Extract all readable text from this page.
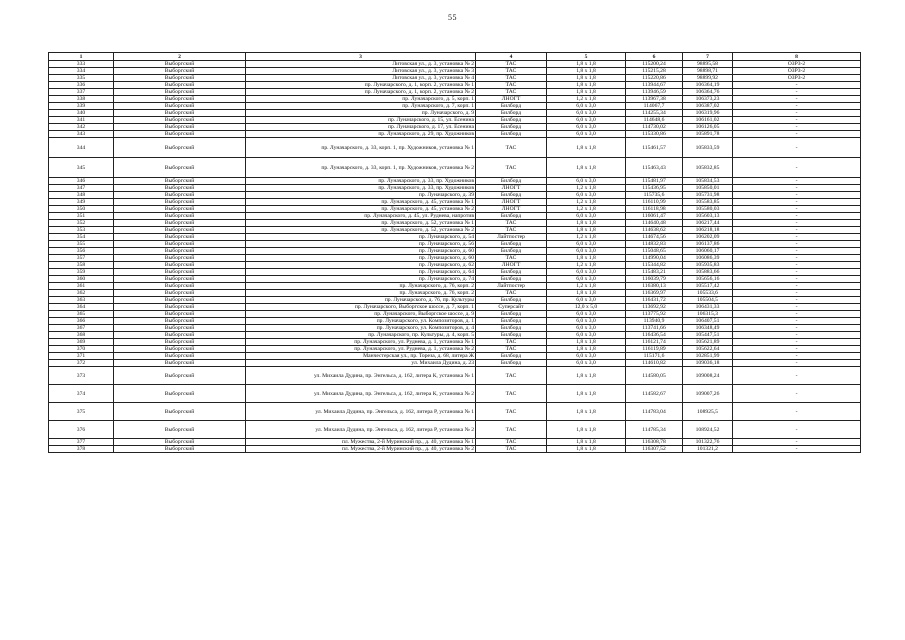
55
1	2	3	4	5	6	7	8
333	Выборгский	Литовская ул., д. 3, установка № 2	ТАС	1,8 x 1,8	115200,24	98895,58	ОЗРЗ-2
334	Выборгский	Литовская ул., д. 3, установка № 3	ТАС	1,8 x 1,8	115215,28	98898,71	ОЗРЗ-2
335	Выборгский	Литовская ул., д. 3, установка № 4	ТАС	1,8 x 1,8	115220,86	98899,92	ОЗРЗ-2
336	Выборгский	пр. Луначарского, д. 1, корп. 2, установка № 1	ТАС	1,8 x 1,8	113944,67	106364,19	-
337	Выборгский	пр. Луначарского, д. 1, корп. 2, установка № 2	ТАС	1,8 x 1,8	113946,59	106364,76	-
338	Выборгский	пр. Луначарского, д. 5, корп. 1	ЛНОГТ	1,2 x 1,8	113967,38	106373,23	-
339	Выборгский	пр. Луначарского, д. 7, корп. 1	Билборд	6,0 x 3,0	114067,7	106387,02	-
340	Выборгский	пр. Луначарского, д. 9	Билборд	6,0 x 3,0	114255,34	106319,96	-
341	Выборгский	пр. Луначарского, д. 15, ул. Есенина	Билборд	6,0 x 3,0	114648,6	106161,02	-
342	Выборгский	пр. Луначарского, д. 17, ул. Есенина	Билборд	6,0 x 3,0	114730,02	106126,05	-
343	Выборгский	пр. Луначарского, д. 29, пр. Художников	Билборд	6,0 x 3,0	115330,86	105891,78	-
344	Выборгский	пр. Луначарского, д. 33, корп. 1, пр. Художников, установка № 1	ТАС	1,8 x 1,8	115461,57	105833,59	-
345	Выборгский	пр. Луначарского, д. 33, корп. 1, пр. Художников, установка № 2	ТАС	1,8 x 1,8	115463,43	105832,85	-
346	Выборгский	пр. Луначарского, д. 33, пр. Художников	Билборд	6,0 x 3,0	115481,97	105834,53	-
347	Выборгский	пр. Луначарского, д. 33, пр. Художников	ЛНОГТ	1,2 x 1,8	115436,95	105850,01	-
348	Выборгский	пр. Луначарского, д. 39	Билборд	6,0 x 3,0	115735,6	105731,98	-
349	Выборгский	пр. Луначарского, д. 45, установка № 1	ЛНОГТ	1,2 x 1,8	116110,99	105583,85	-
350	Выборгский	пр. Луначарского, д. 45, установка № 2	ЛНОГТ	1,2 x 1,8	116118,98	105580,03	-
351	Выборгский	пр. Луначарского, д. 45, ул. Руднева, напротив	Билборд	6,0 x 3,0	116061,47	105603,13	-
352	Выборгский	пр. Луначарского, д. 52, установка № 1	ТАС	1,8 x 1,8	114640,48	106217,44	-
353	Выборгский	пр. Луначарского, д. 52, установка № 2	ТАС	1,8 x 1,8	114638,62	106218,18	-
354	Выборгский	пр. Луначарского, д. 54	Лайтпостер	1,2 x 1,8	114674,56	106202,09	-
355	Выборгский	пр. Луначарского, д. 56	Билборд	6,0 x 3,0	114832,83	106137,86	-
356	Выборгский	пр. Луначарского, д. 60	Билборд	6,0 x 3,0	115048,65	106060,17	-
357	Выборгский	пр. Луначарского, д. 60	ТАС	1,8 x 1,8	114990,04	106086,39	-
358	Выборгский	пр. Луначарского, д. 62	ЛНОГТ	1,2 x 1,8	115344,82	105935,83	-
359	Выборгский	пр. Луначарского, д. 64	Билборд	6,0 x 3,0	115483,21	105883,66	-
360	Выборгский	пр. Луначарского, д. 74	Билборд	6,0 x 3,0	116039,79	105656,16	-
361	Выборгский	пр. Луначарского, д. 76, корп. 2	Лайтпостер	1,2 x 1,8	116380,13	105517,42	-
362	Выборгский	пр. Луначарского, д. 76, корп. 2	ТАС	1,8 x 1,8	116369,97	105533,6	-
363	Выборгский	пр. Луначарского, д. 76, пр. Культуры	Билборд	6,0 x 3,0	116431,72	105504,5	-
364	Выборгский	пр. Луначарского, Выборгское шоссе, д. 7, корп. 1	Суперсайт	12,0 x 5,0	113692,92	106431,33	-
365	Выборгский	пр. Луначарского, Выборгское шоссе, д. 9	Билборд	6,0 x 3,0	113775,92	106315,3	-
366	Выборгский	пр. Луначарского, ул. Композиторов, д. 1	Билборд	6,0 x 3,0	113940,9	106407,51	-
367	Выборгский	пр. Луначарского, ул. Композиторов, д. 4	Билборд	6,0 x 3,0	113741,66	106348,49	-
368	Выборгский	пр. Луначарского, пр. Культуры, д. 4, корп. 5	Билборд	6,0 x 3,0	116436,54	105447,51	-
369	Выборгский	пр. Луначарского, ул. Руднева, д. 1, установка № 1	ТАС	1,8 x 1,8	116121,74	105621,89	-
370	Выборгский	пр. Луначарского, ул. Руднева, д. 1, установка № 2	ТАС	1,8 x 1,8	116119,89	105622,64	-
371	Выборгский	Манчестерская ул., пр. Тореза, д. 68, литера Ж	Билборд	6,0 x 3,0	115171,6	102851,99	-
372	Выборгский	ул. Михаила Дудина, д. 23	Билборд	6,0 x 3,0	114610,82	109036,18	-
373	Выборгский	ул. Михаила Дудина, пр. Энгельса, д. 162, литера К, установка № 1	ТАС	1,8 x 1,8	114580,05	109008,24	-
374	Выборгский	ул. Михаила Дудина, пр. Энгельса, д. 162, литера К, установка № 2	ТАС	1,8 x 1,8	114582,67	109007,26	-
375	Выборгский	ул. Михаила Дудина, пр. Энгельса, д. 162, литера Р, установка № 1	ТАС	1,8 x 1,8	114783,04	108925,5	-
376	Выборгский	ул. Михаила Дудина, пр. Энгельса, д. 162, литера Р, установка № 2	ТАС	1,8 x 1,8	114785,34	108924,52	-
377	Выборгский	пл. Мужества, 2-й Муринский пр., д. 40, установка № 1	ТАС	1,8 x 1,8	116308,78	101322,76	-
378	Выборгский	пл. Мужества, 2-й Муринский пр., д. 40, установка № 2	ТАС	1,8 x 1,8	116307,52	101321,2	-
